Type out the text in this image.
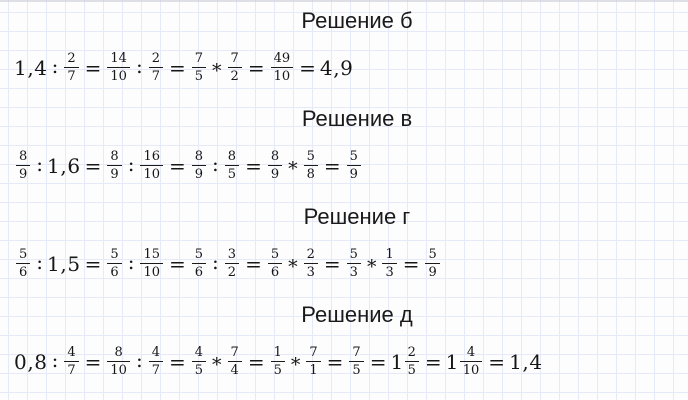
Решение б
1,4 : $\frac{2}{7} = \frac{14}{10}$ : $\frac{2}{7} = \frac{7}{5} * \frac{7}{2} = \frac{49}{10} = 4,9$
Решение в
$\frac{8}{9}$ : $1,6 = \frac{8}{9}$ : $\frac{16}{10} = \frac{8}{9}$ : $\frac{8}{5} = \frac{8}{9} * \frac{5}{8} = \frac{5}{9}$
Решение г
$\frac{5}{6}$ : $1,5 = \frac{5}{6}$ : $\frac{15}{10} = \frac{5}{6}$ : $\frac{3}{2} = \frac{5}{6} * \frac{2}{3} = \frac{5}{3} * \frac{1}{3} = \frac{5}{9}$
Решение д
0,8 : $\frac{4}{7} = \frac{8}{10}$ : $\frac{4}{7} = \frac{4}{5} * \frac{7}{4} = \frac{1}{5} * \frac{7}{1} = \frac{7}{5} = 1 \frac{2}{5} = 1 \frac{4}{10} = 1,4$
